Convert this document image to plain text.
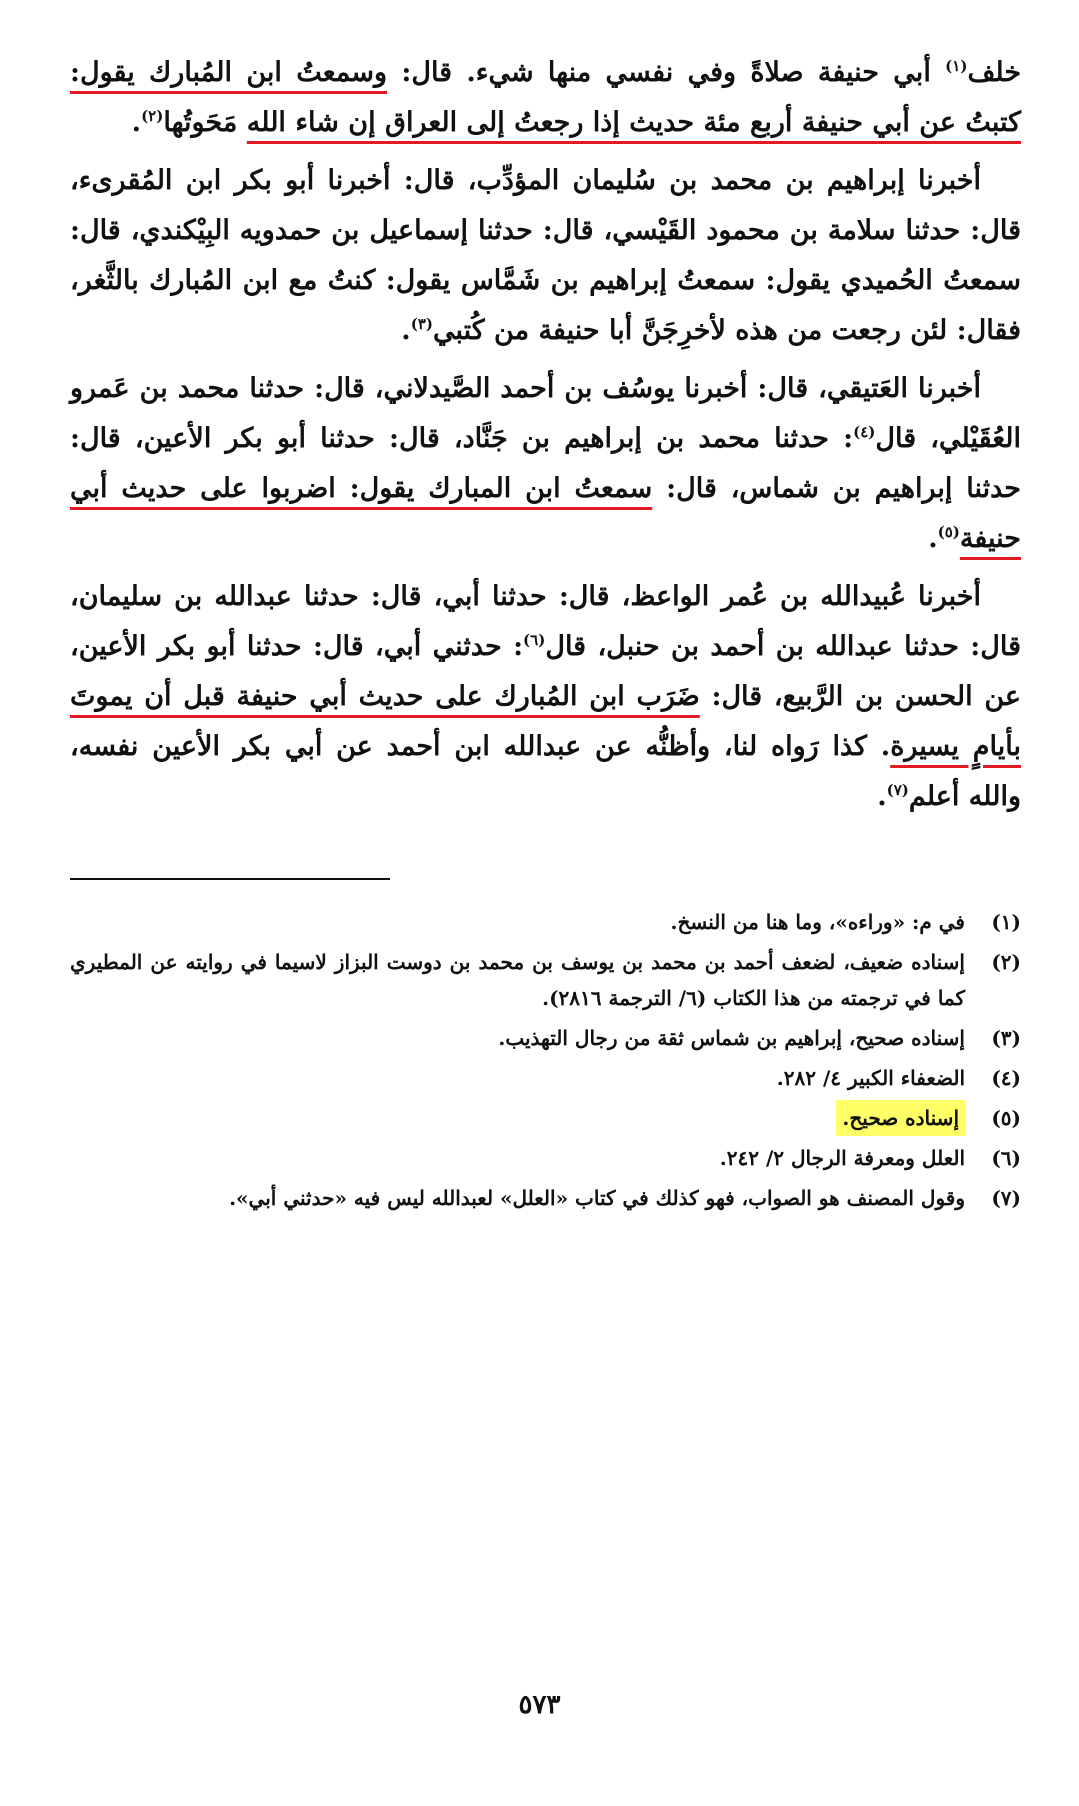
خلف$^{(١)}$ أبي حنيفة صلاةً وفي نفسي منها شيء. قال: وسمعتُ ابن المُبارك يقول: كتبتُ عن أبي حنيفة أربع مئة حديث إذا رجعتُ إلى العراق إن شاء الله مَحَوتُها$^{(٢)}$.

أخبرنا إبراهيم بن محمد بن سُليمان المؤدِّب، قال: أخبرنا أبو بكر ابن المُقرىء، قال: حدثنا سلامة بن محمود القَيْسي، قال: حدثنا إسماعيل بن حمدويه البِيْكندي، قال: سمعتُ الحُميدي يقول: سمعتُ إبراهيم بن شَمَّاس يقول: كنتُ مع ابن المُبارك بالثَّغر، فقال: لئن رجعت من هذه لأخرِجَنَّ أبا حنيفة من كُتبي$^{(٣)}$.

أخبرنا العَتيقي، قال: أخبرنا يوسُف بن أحمد الصَّيدلاني، قال: حدثنا محمد بن عَمرو العُقَيْلي، قال$^{(٤)}$: حدثنا محمد بن إبراهيم بن جَنَّاد، قال: حدثنا أبو بكر الأعين، قال: حدثنا إبراهيم بن شماس، قال: سمعتُ ابن المبارك يقول: اضربوا على حديث أبي حنيفة$^{(٥)}$.

أخبرنا عُبيدالله بن عُمر الواعظ، قال: حدثنا أبي، قال: حدثنا عبدالله بن سليمان، قال: حدثنا عبدالله بن أحمد بن حنبل، قال$^{(٦)}$: حدثني أبي، قال: حدثنا أبو بكر الأعين، عن الحسن بن الرَّبيع، قال: ضَرَب ابن المُبارك على حديث أبي حنيفة قبل أن يموتَ بأيامٍ يسيرة. كذا رَواه لنا، وأظنُّه عن عبدالله ابن أحمد عن أبي بكر الأعين نفسه، والله أعلم$^{(٧)}$.

(١)
في م: «وراءه»، وما هنا من النسخ.
(٢)
إسناده ضعيف، لضعف أحمد بن محمد بن يوسف بن محمد بن دوست البزاز لاسيما في روايته عن المطيري كما في ترجمته من هذا الكتاب (٦/ الترجمة ٢٨١٦).
(٣)
إسناده صحيح، إبراهيم بن شماس ثقة من رجال التهذيب.
(٤)
الضعفاء الكبير ٤/ ٢٨٢.
(٥)
إسناده صحيح.
(٦)
العلل ومعرفة الرجال ٢/ ٢٤٢.
(٧)
وقول المصنف هو الصواب، فهو كذلك في كتاب «العلل» لعبدالله ليس فيه «حدثني أبي».
٥٧٣
